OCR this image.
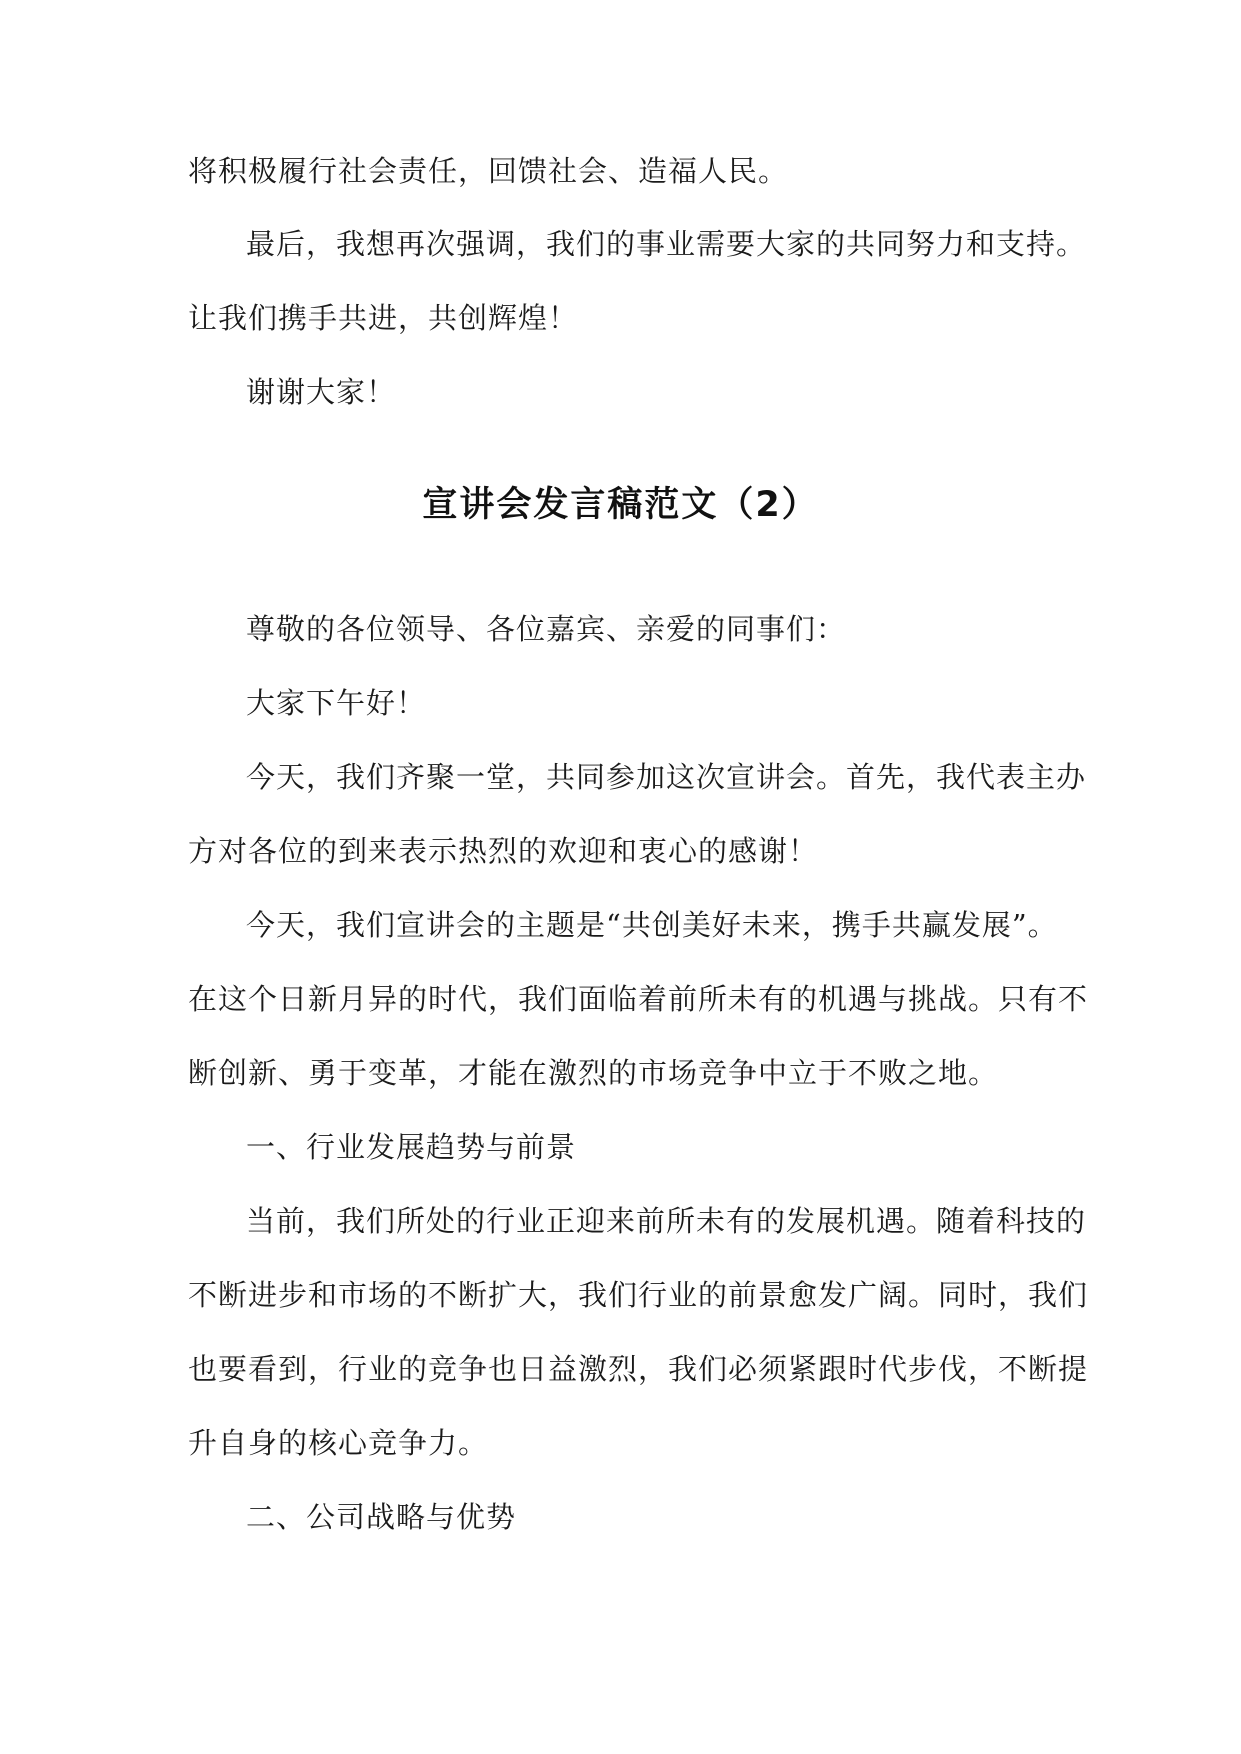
将积极履行社会责任，回馈社会、造福人民。
最后，我想再次强调，我们的事业需要大家的共同努力和支持。
让我们携手共进，共创辉煌！
谢谢大家！
宣讲会发言稿范文（2）
尊敬的各位领导、各位嘉宾、亲爱的同事们：
大家下午好！
今天，我们齐聚一堂，共同参加这次宣讲会。首先，我代表主办
方对各位的到来表示热烈的欢迎和衷心的感谢！
今天，我们宣讲会的主题是“共创美好未来，携手共赢发展”。
在这个日新月异的时代，我们面临着前所未有的机遇与挑战。只有不
断创新、勇于变革，才能在激烈的市场竞争中立于不败之地。
一、行业发展趋势与前景
当前，我们所处的行业正迎来前所未有的发展机遇。随着科技的
不断进步和市场的不断扩大，我们行业的前景愈发广阔。同时，我们
也要看到，行业的竞争也日益激烈，我们必须紧跟时代步伐，不断提
升自身的核心竞争力。
二、公司战略与优势
